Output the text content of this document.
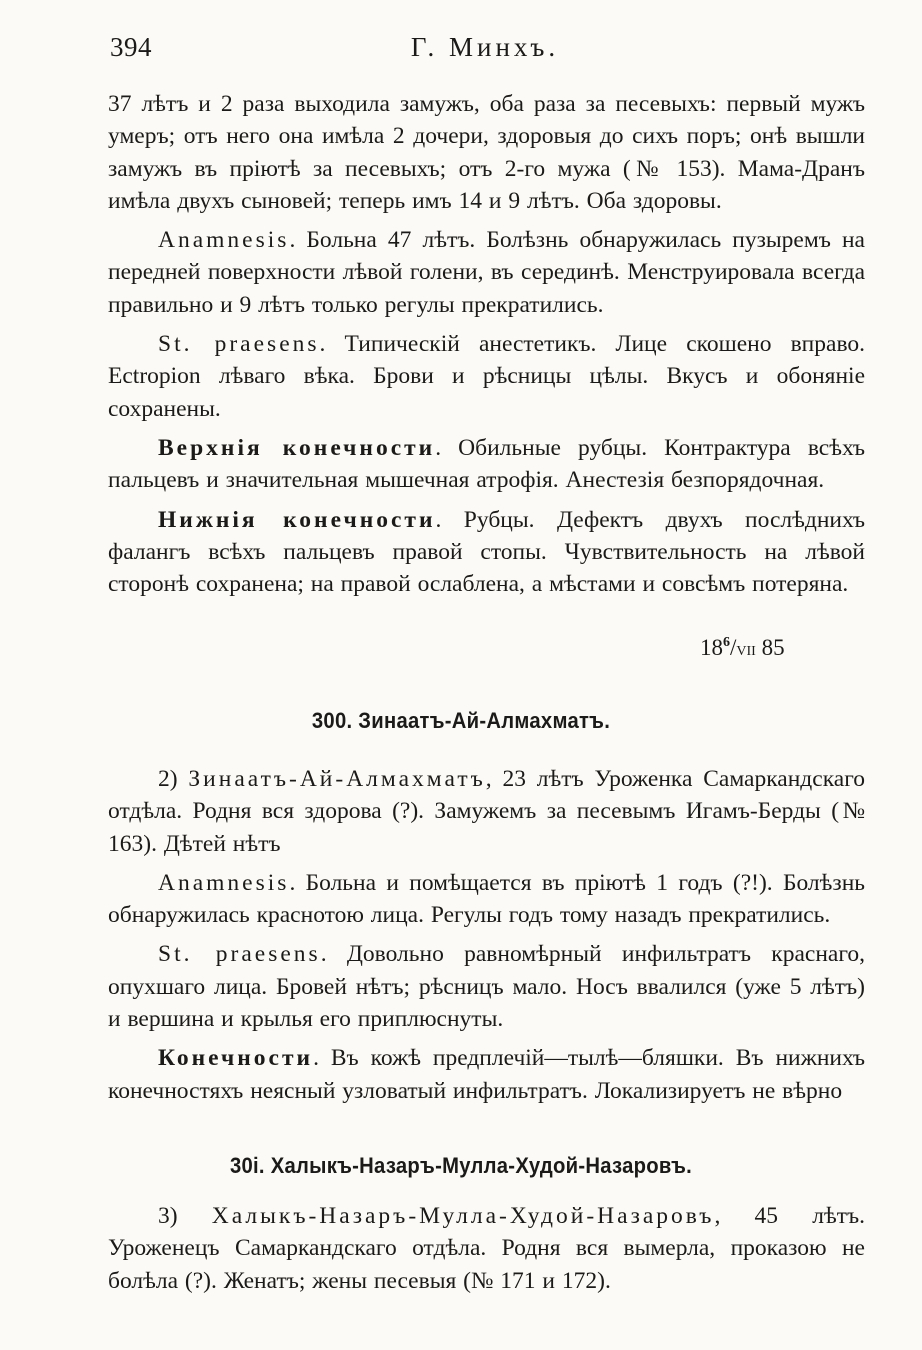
394	Г. Минхъ.

37 лѣтъ и 2 раза выходила замужъ, оба раза за песевыхъ: первый мужъ умеръ; отъ него она имѣла 2 дочери, здоровыя до сихъ поръ; онѣ вышли замужъ въ пріютѣ за песевыхъ; отъ 2-го мужа (№ 153). Мама-Дранъ имѣла двухъ сыновей; теперь имъ 14 и 9 лѣтъ. Оба здоровы.

Anamnesis. Больна 47 лѣтъ. Болѣзнь обнаружилась пузыремъ на передней поверхности лѣвой голени, въ серединѣ. Менструировала всегда правильно и 9 лѣтъ только регулы прекратились.

St. praesens. Типическій анестетикъ. Лице скошено вправо. Ectropion лѣваго вѣка. Брови и рѣсницы цѣлы. Вкусъ и обоняніе сохранены.

Верхнія конечности. Обильные рубцы. Контрактура всѣхъ пальцевъ и значительная мышечная атрофія. Анестезія безпорядочная.

Нижнія конечности. Рубцы. Дефектъ двухъ послѣднихъ фалангъ всѣхъ пальцевъ правой стопы. Чувствительность на лѣвой сторонѣ сохранена; на правой ослаблена, а мѣстами и совсѣмъ потеряна.

$18^6$/VII 85
300. Зинаатъ-Ай-Алмахматъ.

2) Зинаатъ-Ай-Алмахматъ, 23 лѣтъ Уроженка Самаркандскаго отдѣла. Родня вся здорова (?). Замужемъ за песевымъ Игамъ-Берды (№ 163). Дѣтей нѣтъ

Anamnesis. Больна и помѣщается въ пріютѣ 1 годъ (?!). Болѣзнь обнаружилась краснотою лица. Регулы годъ тому назадъ прекратились.

St. praesens. Довольно равномѣрный инфильтратъ краснаго, опухшаго лица. Бровей нѣтъ; рѣсницъ мало. Носъ ввалился (уже 5 лѣтъ) и вершина и крылья его приплюснуты.

Конечности. Въ кожѣ предплечій—тылѣ—бляшки. Въ нижнихъ конечностяхъ неясный узловатый инфильтратъ. Локализируетъ не вѣрно

30і. Халыкъ-Назаръ-Мулла-Худой-Назаровъ.

3) Халыкъ-Назаръ-Мулла-Худой-Назаровъ, 45 лѣтъ. Уроженецъ Самаркандскаго отдѣла. Родня вся вымерла, проказою не болѣла (?). Женатъ; жены песевыя (№ 171 и 172).
